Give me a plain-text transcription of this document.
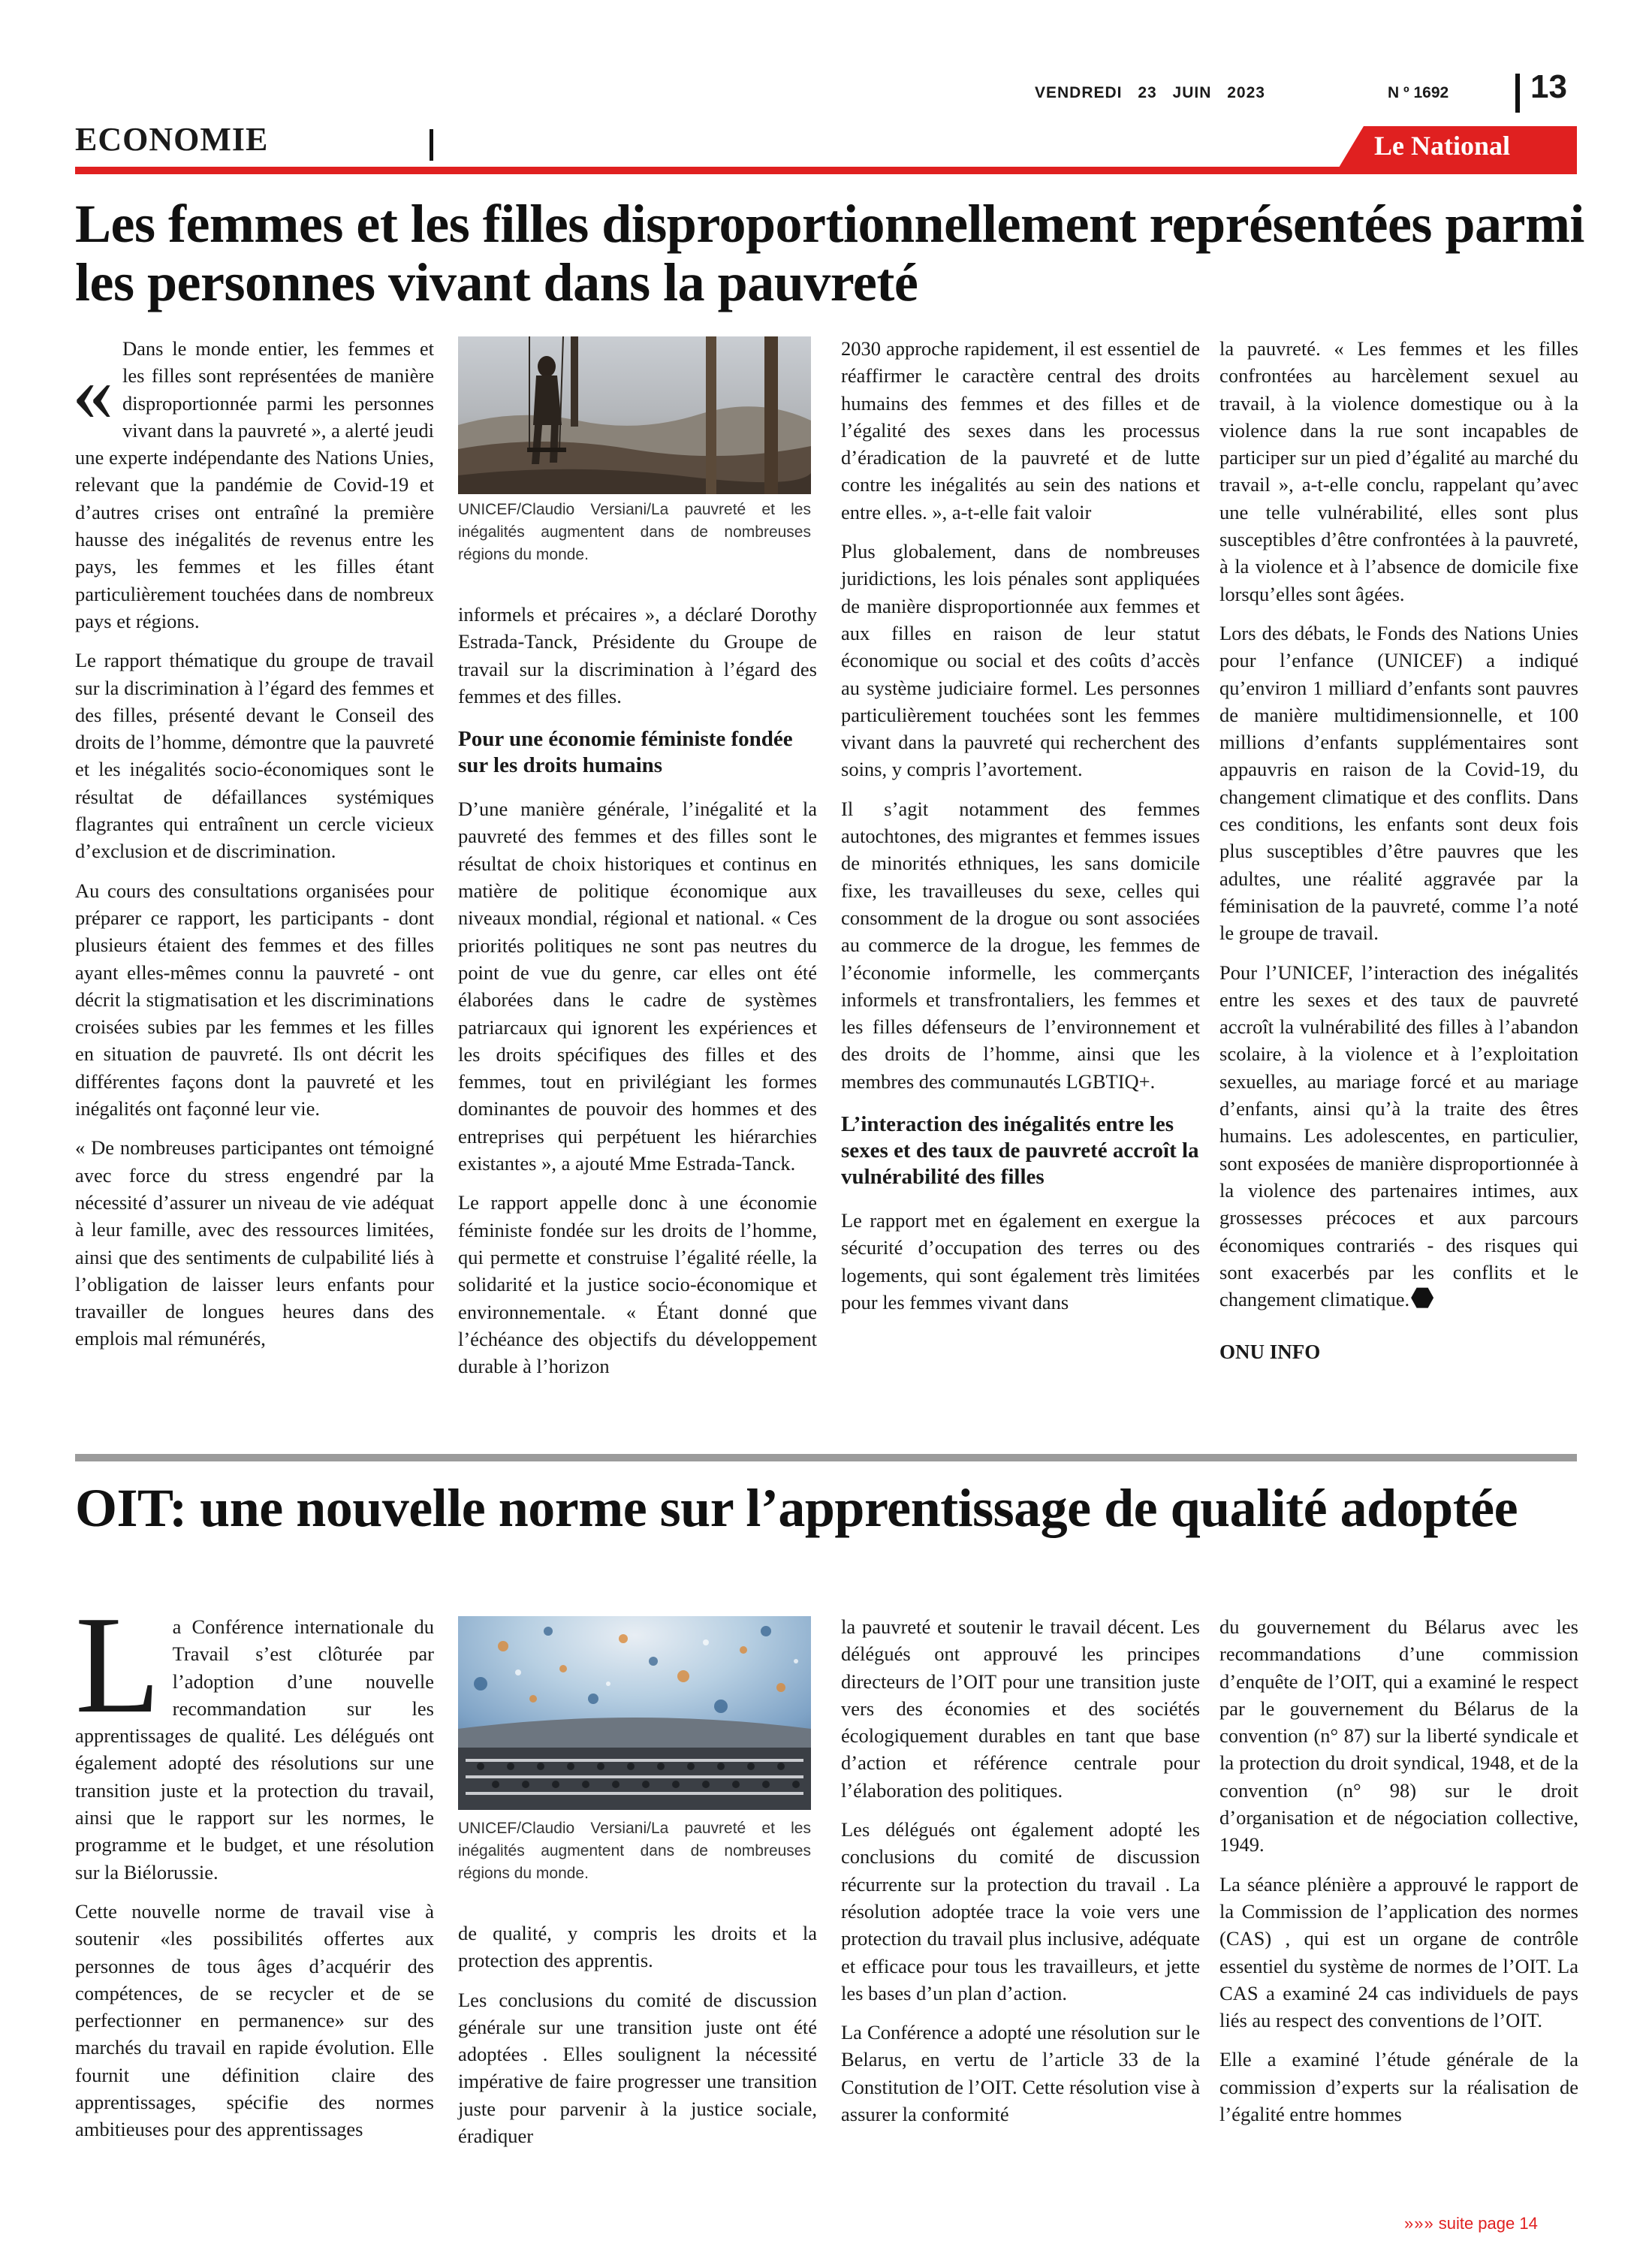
VENDREDI 23 JUIN 2023	N º 1692 13
ECONOMIE	Le National
Les femmes et les filles disproportionnellement représentées parmi les personnes vivant dans la pauvreté

« Dans le monde entier, les femmes et les filles sont représentées de manière disproportionnée parmi les personnes vivant dans la pauvreté », a alerté jeudi une experte indépendante des Nations Unies, relevant que la pandémie de Covid-19 et d’autres crises ont entraîné la première hausse des inégalités de revenus entre les pays, les femmes et les filles étant particulièrement touchées dans de nombreux pays et régions.

Le rapport thématique du groupe de travail sur la discrimination à l’égard des femmes et des filles, présenté devant le Conseil des droits de l’homme, démontre que la pauvreté et les inégalités socio-économiques sont le résultat de défaillances systémiques flagrantes qui entraînent un cercle vicieux d’exclusion et de discrimination.

Au cours des consultations organisées pour préparer ce rapport, les participants - dont plusieurs étaient des femmes et des filles ayant elles-mêmes connu la pauvreté - ont décrit la stigmatisation et les discriminations croisées subies par les femmes et les filles en situation de pauvreté. Ils ont décrit les différentes façons dont la pauvreté et les inégalités ont façonné leur vie.

« De nombreuses participantes ont témoigné avec force du stress engendré par la nécessité d’assurer un niveau de vie adéquat à leur famille, avec des ressources limitées, ainsi que des sentiments de culpabilité liés à l’obligation de laisser leurs enfants pour travailler de longues heures dans des emplois mal rémunérés,

UNICEF/Claudio Versiani/La pauvreté et les inégalités augmentent dans de nombreuses régions du monde.

informels et précaires », a déclaré Dorothy Estrada-Tanck, Présidente du Groupe de travail sur la discrimination à l’égard des femmes et des filles.

Pour une économie féministe fondée sur les droits humains

D’une manière générale, l’inégalité et la pauvreté des femmes et des filles sont le résultat de choix historiques et continus en matière de politique économique aux niveaux mondial, régional et national. « Ces priorités politiques ne sont pas neutres du point de vue du genre, car elles ont été élaborées dans le cadre de systèmes patriarcaux qui ignorent les expériences et les droits spécifiques des filles et des femmes, tout en privilégiant les formes dominantes de pouvoir des hommes et des entreprises qui perpétuent les hiérarchies existantes », a ajouté Mme Estrada-Tanck.

Le rapport appelle donc à une économie féministe fondée sur les droits de l’homme, qui permette et construise l’égalité réelle, la solidarité et la justice socio-économique et environnementale. « Étant donné que l’échéance des objectifs du développement durable à l’horizon

2030 approche rapidement, il est essentiel de réaffirmer le caractère central des droits humains des femmes et des filles et de l’égalité des sexes dans les processus d’éradication de la pauvreté et de lutte contre les inégalités au sein des nations et entre elles. », a-t-elle fait valoir

Plus globalement, dans de nombreuses juridictions, les lois pénales sont appliquées de manière disproportionnée aux femmes et aux filles en raison de leur statut économique ou social et des coûts d’accès au système judiciaire formel. Les personnes particulièrement touchées sont les femmes vivant dans la pauvreté qui recherchent des soins, y compris l’avortement.

Il s’agit notamment des femmes autochtones, des migrantes et femmes issues de minorités ethniques, les sans domicile fixe, les travailleuses du sexe, celles qui consomment de la drogue ou sont associées au commerce de la drogue, les femmes de l’économie informelle, les commerçants informels et transfrontaliers, les femmes et les filles défenseurs de l’environnement et des droits de l’homme, ainsi que les membres des communautés LGBTIQ+.

L’interaction des inégalités entre les sexes et des taux de pauvreté accroît la vulnérabilité des filles

Le rapport met en également en exergue la sécurité d’occupation des terres ou des logements, qui sont également très limitées pour les femmes vivant dans

la pauvreté. « Les femmes et les filles confrontées au harcèlement sexuel au travail, à la violence domestique ou à la violence dans la rue sont incapables de participer sur un pied d’égalité au marché du travail », a-t-elle conclu, rappelant qu’avec une telle vulnérabilité, elles sont plus susceptibles d’être confrontées à la pauvreté, à la violence et à l’absence de domicile fixe lorsqu’elles sont âgées.

Lors des débats, le Fonds des Nations Unies pour l’enfance (UNICEF) a indiqué qu’environ 1 milliard d’enfants sont pauvres de manière multidimensionnelle, et 100 millions d’enfants supplémentaires sont appauvris en raison de la Covid-19, du changement climatique et des conflits. Dans ces conditions, les enfants sont deux fois plus susceptibles d’être pauvres que les adultes, une réalité aggravée par la féminisation de la pauvreté, comme l’a noté le groupe de travail.

Pour l’UNICEF, l’interaction des inégalités entre les sexes et des taux de pauvreté accroît la vulnérabilité des filles à l’abandon scolaire, à la violence et à l’exploitation sexuelles, au mariage forcé et au mariage d’enfants, ainsi qu’à la traite des êtres humains. Les adolescentes, en particulier, sont exposées de manière disproportionnée à la violence des partenaires intimes, aux grossesses précoces et aux parcours économiques contrariés - des risques qui sont exacerbés par les conflits et le changement climatique.

ONU INFO

OIT: une nouvelle norme sur l’apprentissage de qualité adoptée

La Conférence internationale du Travail s’est clôturée par l’adoption d’une nouvelle recommandation sur les apprentissages de qualité. Les délégués ont également adopté des résolutions sur une transition juste et la protection du travail, ainsi que le rapport sur les normes, le programme et le budget, et une résolution sur la Biélorussie.

Cette nouvelle norme de travail vise à soutenir «les possibilités offertes aux personnes de tous âges d’acquérir des compétences, de se recycler et de se perfectionner en permanence» sur des marchés du travail en rapide évolution. Elle fournit une définition claire des apprentissages, spécifie des normes ambitieuses pour des apprentissages

UNICEF/Claudio Versiani/La pauvreté et les inégalités augmentent dans de nombreuses régions du monde.

de qualité, y compris les droits et la protection des apprentis.

Les conclusions du comité de discussion générale sur une transition juste ont été adoptées . Elles soulignent la nécessité impérative de faire progresser une transition juste pour parvenir à la justice sociale, éradiquer

la pauvreté et soutenir le travail décent. Les délégués ont approuvé les principes directeurs de l’OIT pour une transition juste vers des économies et des sociétés écologiquement durables en tant que base d’action et référence centrale pour l’élaboration des politiques.

Les délégués ont également adopté les conclusions du comité de discussion récurrente sur la protection du travail . La résolution adoptée trace la voie vers une protection du travail plus inclusive, adéquate et efficace pour tous les travailleurs, et jette les bases d’un plan d’action.

La Conférence a adopté une résolution sur le Belarus, en vertu de l’article 33 de la Constitution de l’OIT. Cette résolution vise à assurer la conformité

du gouvernement du Bélarus avec les recommandations d’une commission d’enquête de l’OIT, qui a examiné le respect par le gouvernement du Bélarus de la convention (n° 87) sur la liberté syndicale et la protection du droit syndical, 1948, et de la convention (n° 98) sur le droit d’organisation et de négociation collective, 1949.

La séance plénière a approuvé le rapport de la Commission de l’application des normes (CAS) , qui est un organe de contrôle essentiel du système de normes de l’OIT. La CAS a examiné 24 cas individuels de pays liés au respect des conventions de l’OIT.

Elle a examiné l’étude générale de la commission d’experts sur la réalisation de l’égalité entre hommes

»»» suite page 14
